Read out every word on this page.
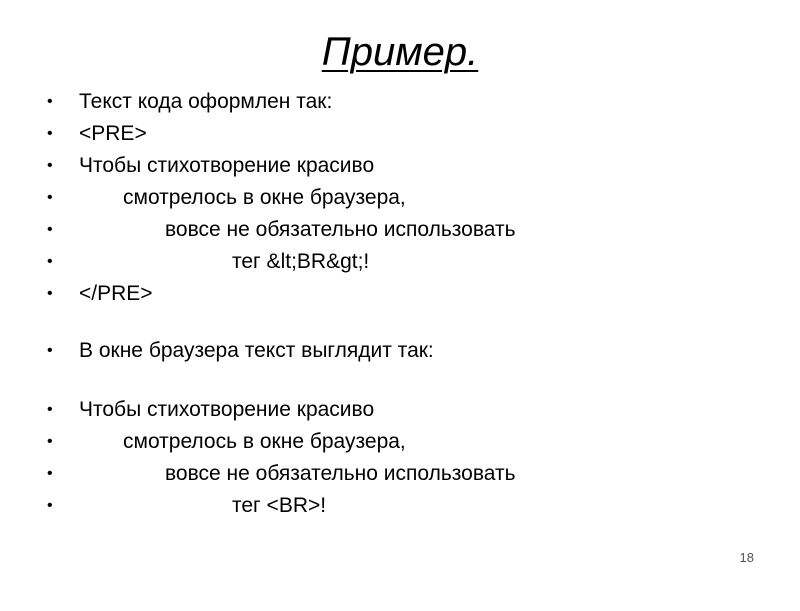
Пример.

•

Текст кода оформлен так:

•

<PRE>

•

Чтобы стихотворение красиво

•

	смотрелось в окне браузера,

•

	вовсе не обязательно использовать

•

	тег &lt;BR&gt;!

•

</PRE>

•

В окне браузера текст выглядит так:

•

Чтобы стихотворение красиво

•

	смотрелось в окне браузера,

•

	вовсе не обязательно использовать

•

	тег <BR>!

18
